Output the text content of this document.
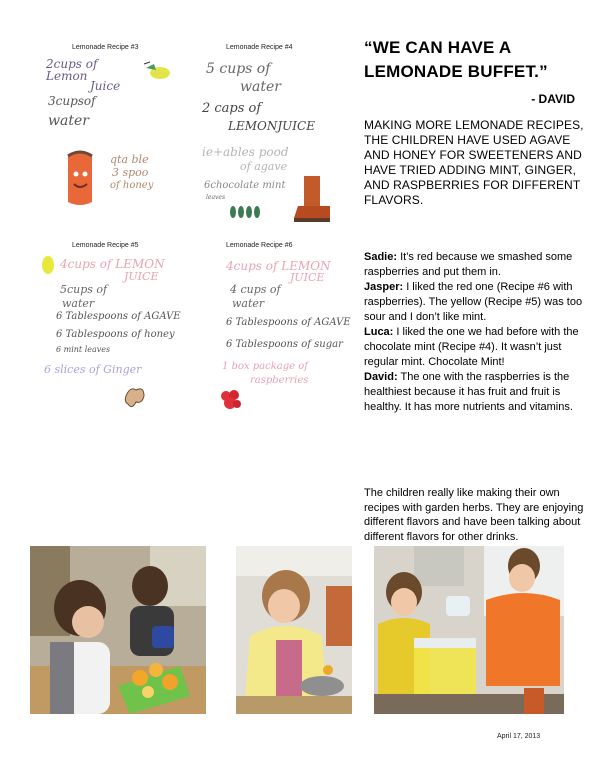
Lemonade Recipe #3
2cups of
Lemon
Juice
3cupsof
water
qta ble
3 spoo
of honey
Lemonade Recipe #4
5 cups of
water
2 caps of
LEMONJUICE
ie+ables pood
of agave
6chocolate mint
leaves
Lemonade Recipe #5
4cups of LEMON
JUICE
5cups of
water
6 Tablespoons of AGAVE
6 Tablespoons of honey
6 mint leaves
6 slices of Ginger
Lemonade Recipe #6
4cups of LEMON
JUICE
4 cups of
water
6 Tablespoons of AGAVE
6 Tablespoons of sugar
1 box package of
raspberries
“WE CAN HAVE A LEMONADE BUFFET.”
- DAVID
MAKING MORE LEMONADE RECIPES, THE CHILDREN HAVE USED AGAVE AND HONEY FOR SWEETENERS AND HAVE TRIED ADDING MINT, GINGER, AND RASPBERRIES FOR DIFFERENT FLAVORS.

Sadie: It’s red because we smashed some raspberries and put them in.

Jasper: I liked the red one (Recipe #6 with raspberries). The yellow (Recipe #5) was too sour and I don’t like mint.

Luca: I liked the one we had before with the chocolate mint (Recipe #4). It wasn’t just regular mint. Chocolate Mint!

David: The one with the raspberries is the healthiest because it has fruit and fruit is healthy. It has more nutrients and vitamins.

The children really like making their own recipes with garden herbs. They are enjoying different flavors and have been talking about different flavors for other drinks.
April 17, 2013
